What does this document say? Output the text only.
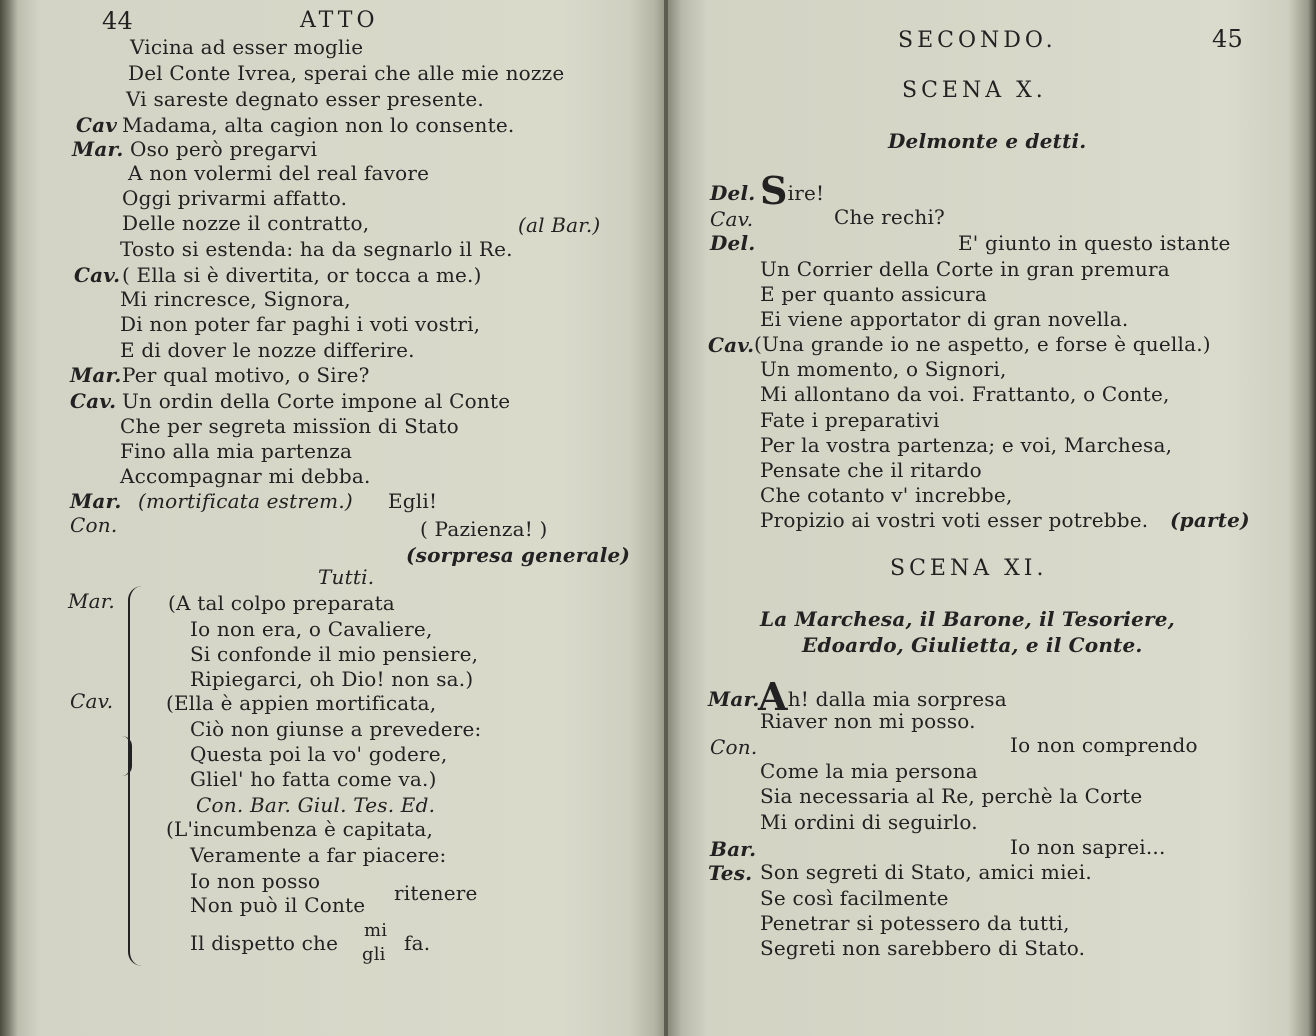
44	ATTO
Vicina ad esser moglie
Del Conte Ivrea, sperai che alle mie nozze
Vi sareste degnato esser presente.
Cav Madama, alta cagion non lo consente.
Mar. Oso però pregarvi
A non volermi del real favore
Oggi privarmi affatto.
Delle nozze il contratto,	(al Bar.)
Tosto si estenda: ha da segnarlo il Re.
Cav. ( Ella si è divertita, or tocca a me.)
Mi rincresce, Signora,
Di non poter far paghi i voti vostri,
E di dover le nozze differire.
Mar. Per qual motivo, o Sire?
Cav. Un ordin della Corte impone al Conte
Che per segreta missïon di Stato
Fino alla mia partenza
Accompagnar mi debba.
Mar. (mortificata estrem.) Egli!
Con.	( Pazienza! )
(sorpresa generale)
Tutti.
Mar.	(A tal colpo preparata
Io non era, o Cavaliere,
Si confonde il mio pensiere,
Ripiegarci, oh Dio! non sa.)
Cav.	(Ella è appien mortificata,
Ciò non giunse a prevedere:
Questa poi la vo' godere,
Gliel' ho fatta come va.)
Con. Bar. Giul. Tes. Ed.
(L'incumbenza è capitata,
Veramente a far piacere:
Io non posso
Non può il Conte ritenere
Il dispetto che
mi
gli fa.
SECONDO.	45
SCENA X.
Delmonte e detti.
Del. Sire!
Cav.	Che rechi?
Del.	E' giunto in questo istante
Un Corrier della Corte in gran premura
E per quanto assicura
Ei viene apportator di gran novella.
Cav. (Una grande io ne aspetto, e forse è quella.)
Un momento, o Signori,
Mi allontano da voi. Frattanto, o Conte,
Fate i preparativi
Per la vostra partenza; e voi, Marchesa,
Pensate che il ritardo
Che cotanto v' increbbe,
Propizio ai vostri voti esser potrebbe. (parte)
SCENA XI.
La Marchesa, il Barone, il Tesoriere,
Edoardo, Giulietta, e il Conte.
Mar.
Ah! dalla mia sorpresa
Riaver non mi posso.
Con.	Io non comprendo
Come la mia persona
Sia necessaria al Re, perchè la Corte
Mi ordini di seguirlo.
Bar.	Io non saprei...
Tes. Son segreti di Stato, amici miei.
Se così facilmente
Penetrar si potessero da tutti,
Segreti non sarebbero di Stato.
